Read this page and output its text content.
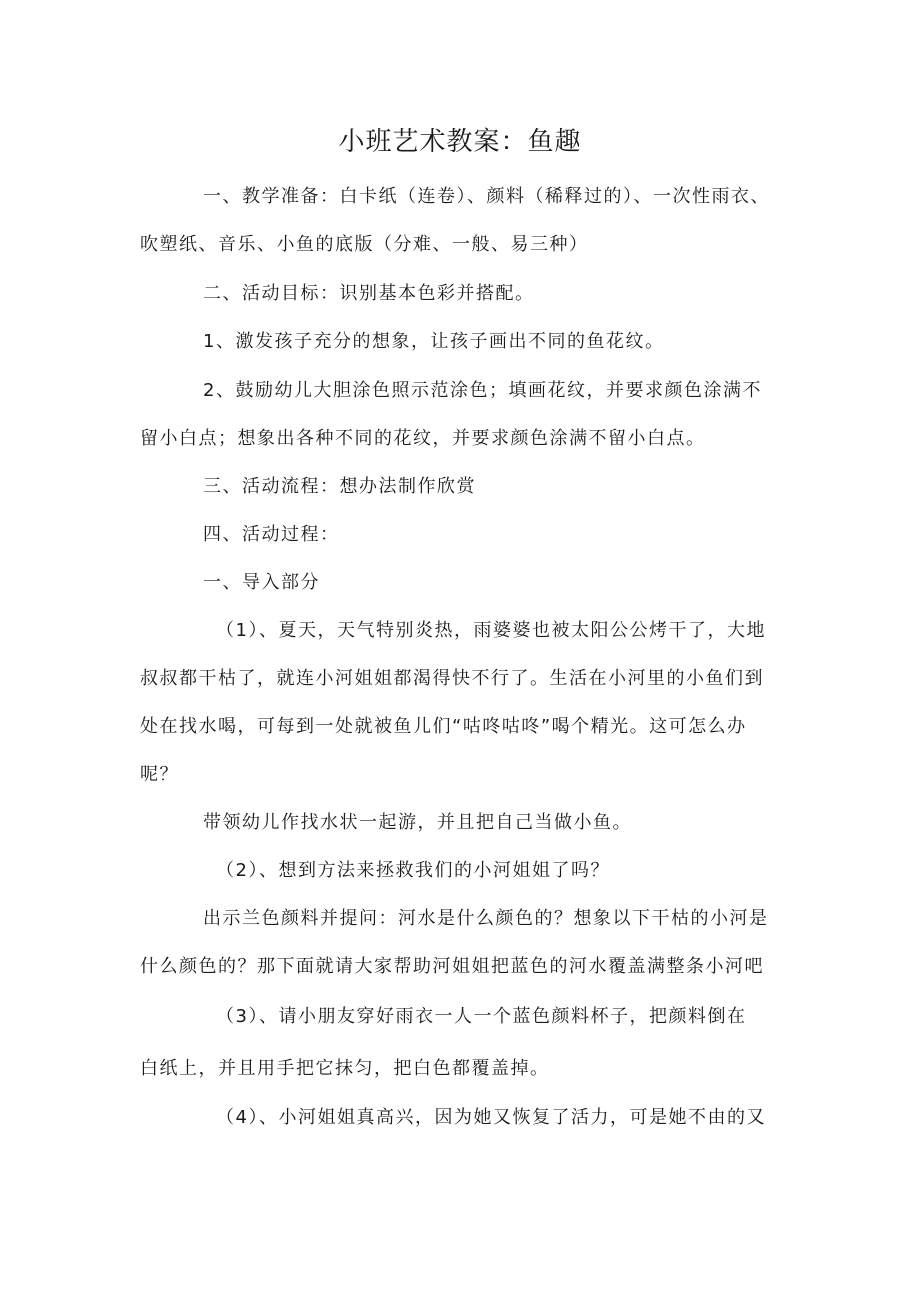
小班艺术教案：鱼趣
一、教学准备：白卡纸（连卷）、颜料（稀释过的）、一次性雨衣、
吹塑纸、音乐、小鱼的底版（分难、一般、易三种）
二、活动目标：识别基本色彩并搭配。
1、激发孩子充分的想象，让孩子画出不同的鱼花纹。
2、鼓励幼儿大胆涂色照示范涂色；填画花纹，并要求颜色涂满不
留小白点；想象出各种不同的花纹，并要求颜色涂满不留小白点。
三、活动流程：想办法制作欣赏
四、活动过程：
一、导入部分
（1）、夏天，天气特别炎热，雨婆婆也被太阳公公烤干了，大地
叔叔都干枯了，就连小河姐姐都渴得快不行了。生活在小河里的小鱼们到
处在找水喝，可每到一处就被鱼儿们“咕咚咕咚”喝个精光。这可怎么办
呢？
带领幼儿作找水状一起游，并且把自己当做小鱼。
（2）、想到方法来拯救我们的小河姐姐了吗？
出示兰色颜料并提问：河水是什么颜色的？想象以下干枯的小河是
什么颜色的？那下面就请大家帮助河姐姐把蓝色的河水覆盖满整条小河吧
（3）、请小朋友穿好雨衣一人一个蓝色颜料杯子，把颜料倒在
白纸上，并且用手把它抹匀，把白色都覆盖掉。
（4）、小河姐姐真高兴，因为她又恢复了活力，可是她不由的又
